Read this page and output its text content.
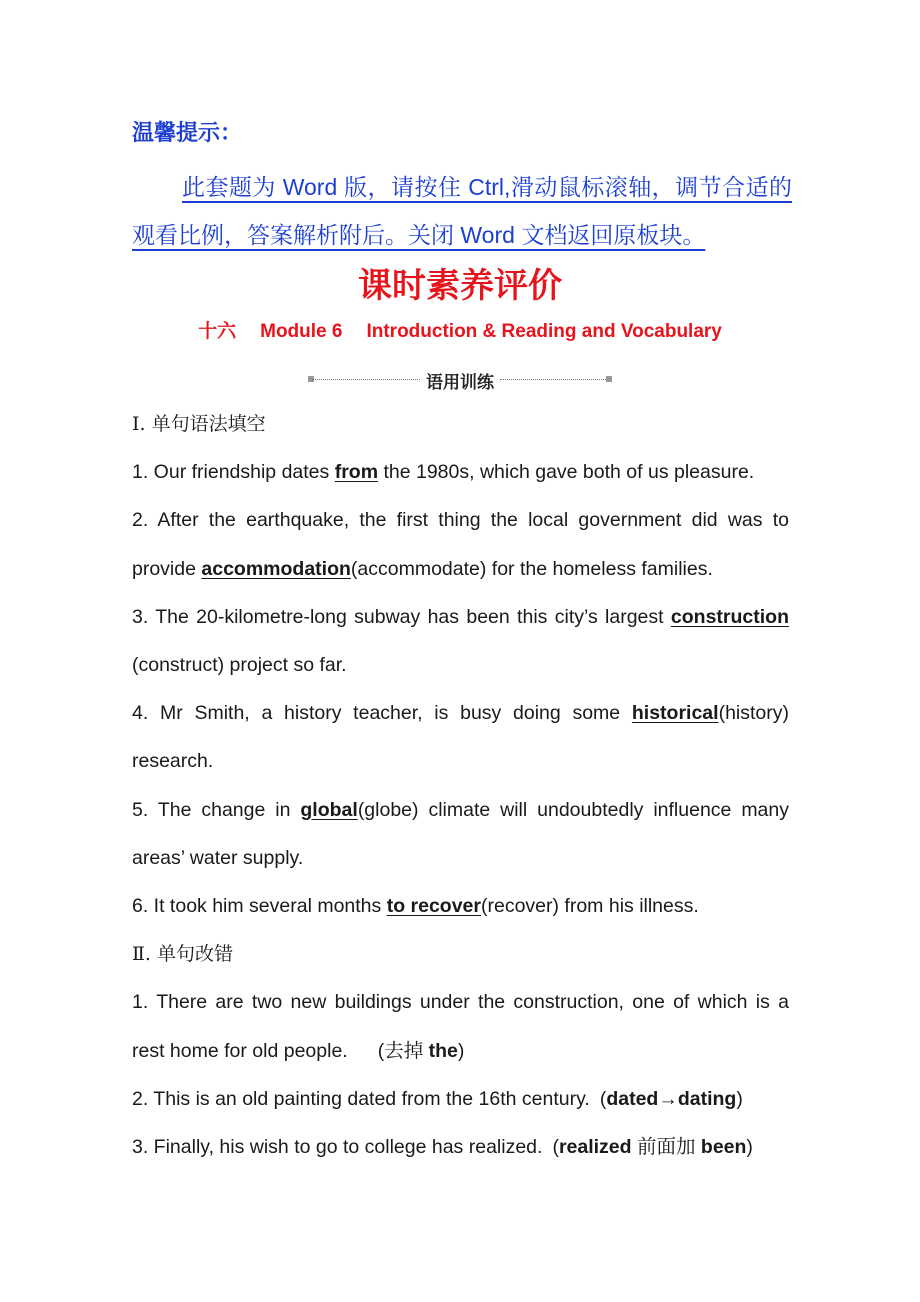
温馨提示：
此套题为 Word 版，请按住 Ctrl,滑动鼠标滚轴，调节合适的观看比例，答案解析附后。关闭 Word 文档返回原板块。
课时素养评价
十六 Module 6 Introduction & Reading and Vocabulary
语用训练

Ⅰ. 单句语法填空

1. Our friendship dates from the 1980s, which gave both of us pleasure.

2. After the earthquake, the first thing the local government did was to provide accommodation(accommodate) for the homeless families.

3. The 20-kilometre-long subway has been this city’s largest construction (construct) project so far.

4. Mr Smith, a history teacher, is busy doing some historical(history) research.

5. The change in global(globe) climate will undoubtedly influence many areas’ water supply.

6. It took him several months to recover(recover) from his illness.

Ⅱ. 单句改错

1. There are two new buildings under the construction, one of which is a rest home for old people. (去掉 the)

2. This is an old painting dated from the 16th century. (dated→dating)

3. Finally, his wish to go to college has realized. (realized 前面加 been)
